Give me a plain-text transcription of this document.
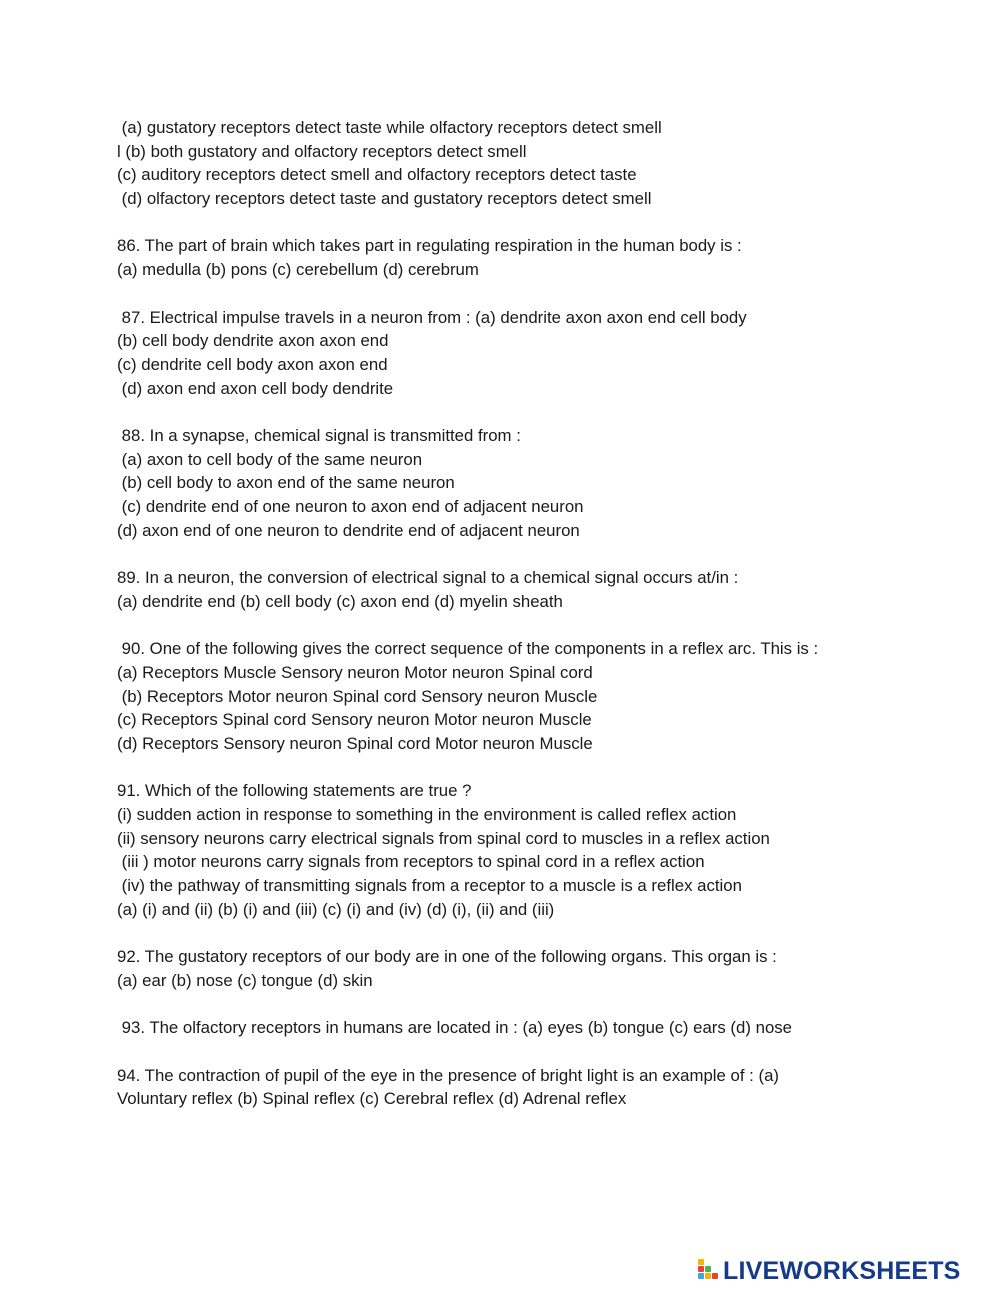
(a) gustatory receptors detect taste while olfactory receptors detect smell
l (b) both gustatory and olfactory receptors detect smell
(c) auditory receptors detect smell and olfactory receptors detect taste
(d) olfactory receptors detect taste and gustatory receptors detect smell
86. The part of brain which takes part in regulating respiration in the human body is :
(a) medulla (b) pons (c) cerebellum (d) cerebrum
87. Electrical impulse travels in a neuron from : (a) dendrite axon axon end cell body
(b) cell body dendrite axon axon end
(c) dendrite cell body axon axon end
(d) axon end axon cell body dendrite
88. In a synapse, chemical signal is transmitted from :
(a) axon to cell body of the same neuron
(b) cell body to axon end of the same neuron
(c) dendrite end of one neuron to axon end of adjacent neuron
(d) axon end of one neuron to dendrite end of adjacent neuron
89. In a neuron, the conversion of electrical signal to a chemical signal occurs at/in :
(a) dendrite end (b) cell body (c) axon end (d) myelin sheath
90. One of the following gives the correct sequence of the components in a reflex arc. This is :
(a) Receptors Muscle Sensory neuron Motor neuron Spinal cord
(b) Receptors Motor neuron Spinal cord Sensory neuron Muscle
(c) Receptors Spinal cord Sensory neuron Motor neuron Muscle
(d) Receptors Sensory neuron Spinal cord Motor neuron Muscle
91. Which of the following statements are true ?
(i) sudden action in response to something in the environment is called reflex action
(ii) sensory neurons carry electrical signals from spinal cord to muscles in a reflex action
(iii ) motor neurons carry signals from receptors to spinal cord in a reflex action
(iv) the pathway of transmitting signals from a receptor to a muscle is a reflex action
(a) (i) and (ii) (b) (i) and (iii) (c) (i) and (iv) (d) (i), (ii) and (iii)
92. The gustatory receptors of our body are in one of the following organs. This organ is :
(a) ear (b) nose (c) tongue (d) skin
93. The olfactory receptors in humans are located in : (a) eyes (b) tongue (c) ears (d) nose
94. The contraction of pupil of the eye in the presence of bright light is an example of : (a)
Voluntary reflex (b) Spinal reflex (c) Cerebral reflex (d) Adrenal reflex
LIVEWORKSHEETS
